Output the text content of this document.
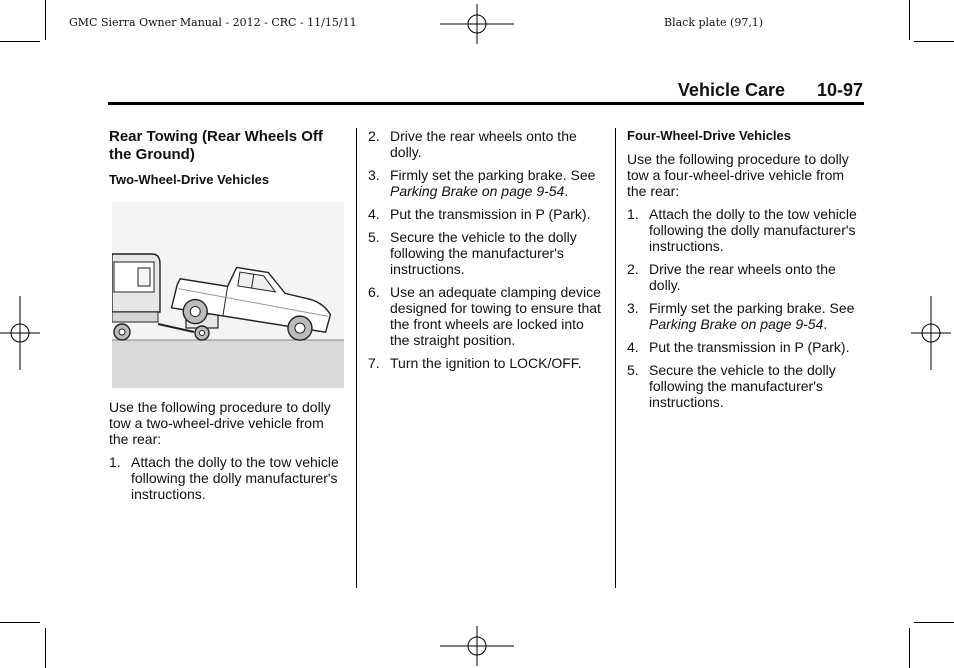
GMC Sierra Owner Manual - 2012 - CRC - 11/15/11	Black plate (97,1)
Vehicle Care 10-97
Rear Towing (Rear Wheels Off the Ground)
Two-Wheel-Drive Vehicles

Use the following procedure to dolly tow a two-wheel-drive vehicle from the rear:

1. Attach the dolly to the tow vehicle following the dolly manufacturer's instructions.
2. Drive the rear wheels onto the dolly.
3. Firmly set the parking brake. See Parking Brake on page 9-54.
4. Put the transmission in P (Park).
5. Secure the vehicle to the dolly following the manufacturer's instructions.
6. Use an adequate clamping device designed for towing to ensure that the front wheels are locked into the straight position.
7. Turn the ignition to LOCK/OFF.
Four-Wheel-Drive Vehicles

Use the following procedure to dolly tow a four-wheel-drive vehicle from the rear:

1. Attach the dolly to the tow vehicle following the dolly manufacturer's instructions.
2. Drive the rear wheels onto the dolly.
3. Firmly set the parking brake. See Parking Brake on page 9-54.
4. Put the transmission in P (Park).
5. Secure the vehicle to the dolly following the manufacturer's instructions.
